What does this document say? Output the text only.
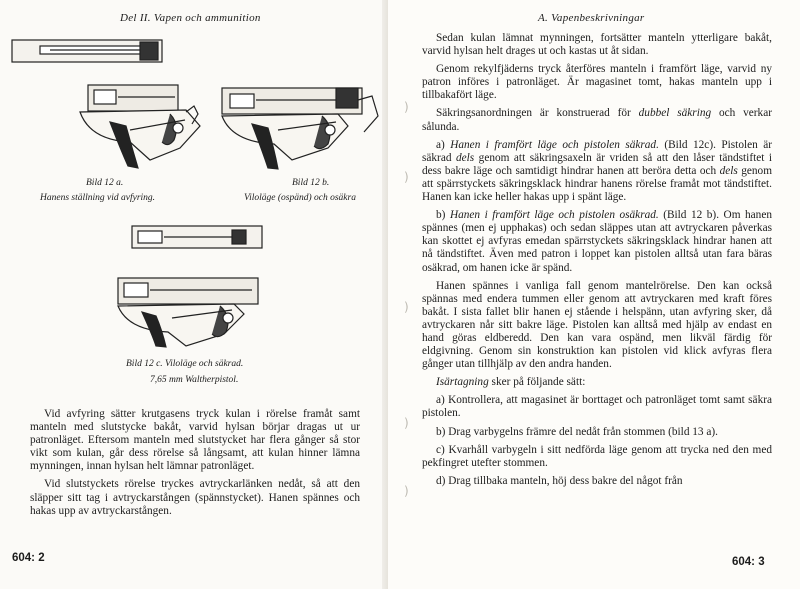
Del II. Vapen och ammunition
Bild 12 a.
Hanens ställning vid avfyring.
Bild 12 b.
Viloläge (ospänd) och osäkra
Bild 12 c. Viloläge och säkrad.
7,65 mm Waltherpistol.

Vid avfyring sätter krutgasens tryck kulan i rörelse framåt samt manteln med slutstycke bakåt, varvid hylsan börjar dragas ut ur patronläget. Eftersom manteln med slutstycket har flera gånger så stor vikt som kulan, går dess rörelse så långsamt, att kulan hinner lämna mynningen, innan hylsan helt lämnar patronläget.

Vid slutstyckets rörelse tryckes avtryckarlänken nedåt, så att den släpper sitt tag i avtryckarstången (spännstycket). Hanen spännes och hakas upp av avtryckarstången.

604: 2
A. Vapenbeskrivningar
)
)
)
)
)

Sedan kulan lämnat mynningen, fortsätter manteln ytterligare bakåt, varvid hylsan helt drages ut och kastas ut åt sidan.

Genom rekylfjäderns tryck återföres manteln i framfört läge, varvid ny patron införes i patronläget. Är magasinet tomt, hakas manteln upp i tillbakafört läge.

Säkringsanordningen är konstruerad för dubbel säkring och verkar sålunda.

a) Hanen i framfört läge och pistolen säkrad. (Bild 12c). Pistolen är säkrad dels genom att säkringsaxeln är vriden så att den låser tändstiftet i dess bakre läge och samtidigt hindrar hanen att beröra detta och dels genom att spärrstyckets säkringsklack hindrar hanens rörelse framåt mot tändstiftet. Hanen kan icke heller hakas upp i spänt läge.

b) Hanen i framfört läge och pistolen osäkrad. (Bild 12 b). Om hanen spännes (men ej upphakas) och sedan släppes utan att avtryckaren påverkas kan skottet ej avfyras emedan spärrstyckets säkringsklack hindrar hanen att nå tändstiftet. Även med patron i loppet kan pistolen alltså utan fara bäras osäkrad, om hanen icke är spänd.

Hanen spännes i vanliga fall genom mantelrörelse. Den kan också spännas med endera tummen eller genom att avtryckaren med kraft föres bakåt. I sista fallet blir hanen ej stående i helspänn, utan avfyring sker, då avtryckaren når sitt bakre läge. Pistolen kan alltså med hjälp av endast en hand göras eldberedd. Den kan vara ospänd, men likväl färdig för eldgivning. Genom sin konstruktion kan pistolen vid klick avfyras flera gånger utan tillhjälp av den andra handen.

Isärtagning sker på följande sätt:

a) Kontrollera, att magasinet är borttaget och patronläget tomt samt säkra pistolen.

b) Drag varbygelns främre del nedåt från stommen (bild 13 a).

c) Kvarhåll varbygeln i sitt nedförda läge genom att trycka ned den med pekfingret utefter stommen.

d) Drag tillbaka manteln, höj dess bakre del något från

604: 3
